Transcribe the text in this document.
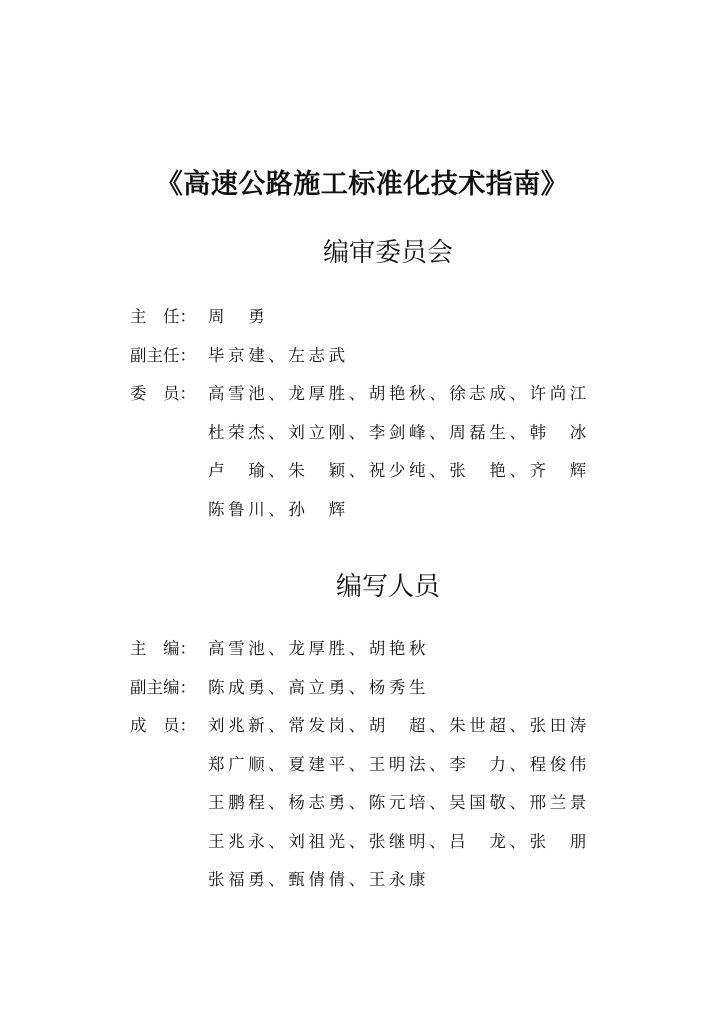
《高速公路施工标准化技术指南》
编审委员会
主　任： 周　勇
副主任： 毕京建、左志武
委　员： 高雪池、龙厚胜、胡艳秋、徐志成、许尚江
杜荣杰、刘立刚、李剑峰、周磊生、韩　冰
卢　瑜、朱　颖、祝少纯、张　艳、齐　辉
陈鲁川、孙　辉
编写人员
主　编： 高雪池、龙厚胜、胡艳秋
副主编： 陈成勇、高立勇、杨秀生
成　员： 刘兆新、常发岗、胡　超、朱世超、张田涛
郑广顺、夏建平、王明法、李　力、程俊伟
王鹏程、杨志勇、陈元培、吴国敬、邢兰景
王兆永、刘祖光、张继明、吕　龙、张　朋
张福勇、甄倩倩、王永康
